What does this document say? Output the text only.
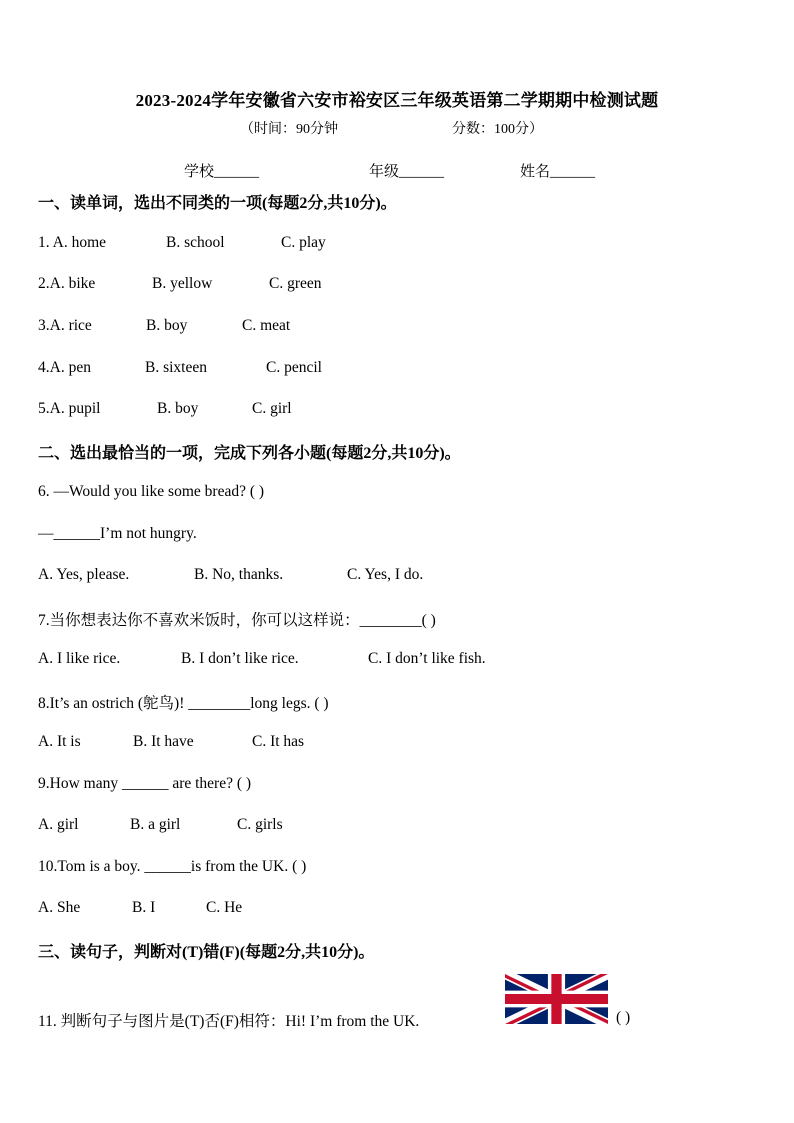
2023-2024学年安徽省六安市裕安区三年级英语第二学期期中检测试题
（时间：90分钟	分数：100分）
学校______	年级______	姓名______
一、读单词，选出不同类的一项(每题2分,共10分)。
1. A. home	B. school	C. play
2.A. bike	B. yellow	C. green
3.A. rice	B. boy	C. meat
4.A. pen	B. sixteen	C. pencil
5.A. pupil	B. boy	C. girl
二、选出最恰当的一项，完成下列各小题(每题2分,共10分)。
6. —Would you like some bread? ( )
—______I’m not hungry.
A. Yes, please.	B. No, thanks.	C. Yes, I do.
7.当你想表达你不喜欢米饭时，你可以这样说：________( )
A. I like rice.	B. I don’t like rice.	C. I don’t like fish.
8.It’s an ostrich (鸵鸟)! ________long legs. ( )
A. It is	B. It have	C. It has
9.How many ______ are there? ( )
A. girl	B. a girl	C. girls
10.Tom is a boy. ______is from the UK. ( )
A. She	B. I	C. He
三、读句子，判断对(T)错(F)(每题2分,共10分)。
11. 判断句子与图片是(T)否(F)相符：Hi! I’m from the UK.	( )
